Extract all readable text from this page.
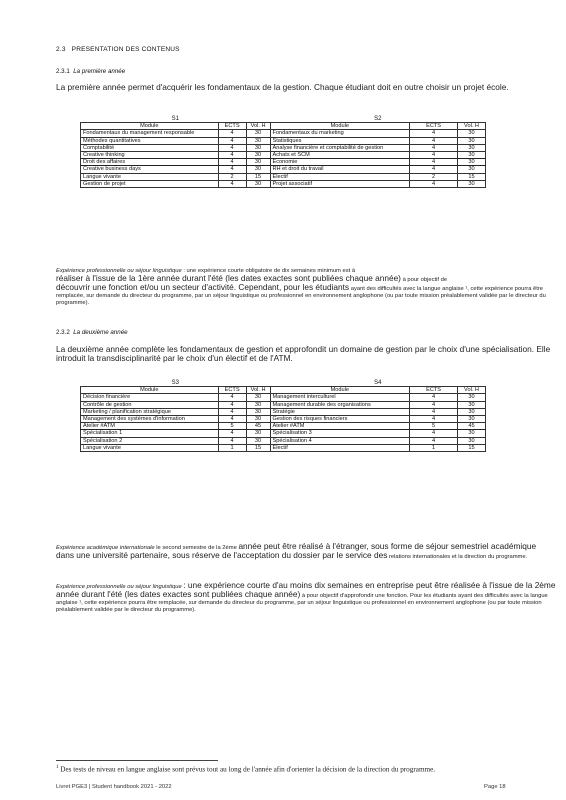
2.3 PRESENTATION DES CONTENUS
2.3.1 La première année
La première année permet d'acquérir les fondamentaux de la gestion. Chaque étudiant doit en outre choisir un projet école.
S1			S2		
Module	ECTS	Vol. H	Module	ECTS	Vol. H
Fondamentaux du management responsable	4	30	Fondamentaux du marketing	4	30
Méthodes quantitatives	4	30	Statistiques	4	30
Comptabilité	4	30	Analyse financière et comptabilité de gestion	4	30
Creative thinking	4	30	Achats et SCM	4	30
Droit des affaires	4	30	Economie	4	30
Creative business days	4	30	RH et droit du travail	4	30
Langue vivante	2	15	Electif	2	15
Gestion de projet	4	30	Projet associatif	4	30
Expérience professionnelle ou séjour linguistique : une expérience courte obligatoire de dix semaines minimum est à
réaliser à l'issue de la 1ère année durant l'été (les dates exactes sont publiées chaque année) à pour objectif de
découvrir une fonction et/ou un secteur d'activité. Cependant, pour les étudiants ayant des difficultés avec la langue anglaise ¹, cette expérience pourra être remplacée, sur demande du directeur du programme, par un séjour linguistique ou professionnel en environnement anglophone (ou par toute mission préalablement validée par le directeur du programme).
2.3.2 La deuxième année
La deuxième année complète les fondamentaux de gestion et approfondit un domaine de gestion par le choix d'une spécialisation. Elle introduit la transdisciplinarité par le choix d'un électif et de l'ATM.
S3			S4		
Module	ECTS	Vol. H	Module	ECTS	Vol. H
Décision financière	4	30	Management interculturel	4	30
Contrôle de gestion	4	30	Management durable des organisations	4	30
Marketing / planification stratégique	4	30	Stratégie	4	30
Management des systèmes d'information	4	30	Gestion des risques financiers	4	30
Atelier #ATM	5	45	Atelier #ATM	5	45
Spécialisation 1	4	30	Spécialisation 3	4	30
Spécialisation 2	4	30	Spécialisation 4	4	30
Langue vivante	1	15	Electif	1	15
Expérience académique internationale le second semestre de la 2ème année peut être réalisé à l'étranger, sous forme de séjour semestriel académique dans une université partenaire, sous réserve de l'acceptation du dossier par le service des relations internationales et la direction du programme.
Expérience professionnelle ou séjour linguistique : une expérience courte d'au moins dix semaines en entreprise peut être réalisée à l'issue de la 2ème année durant l'été (les dates exactes sont publiées chaque année) à pour objectif d'approfondir une fonction. Pour les étudiants ayant des difficultés avec la langue anglaise ¹, cette expérience pourra être remplacée, sur demande du directeur du programme, par un séjour linguistique ou professionnel en environnement anglophone (ou par toute mission préalablement validée par le directeur du programme).
$^1$ Des tests de niveau en langue anglaise sont prévus tout au long de l'année afin d'orienter la décision de la direction du programme.
Livret PGE3 | Student handbook 2021 - 2022	Page 18
